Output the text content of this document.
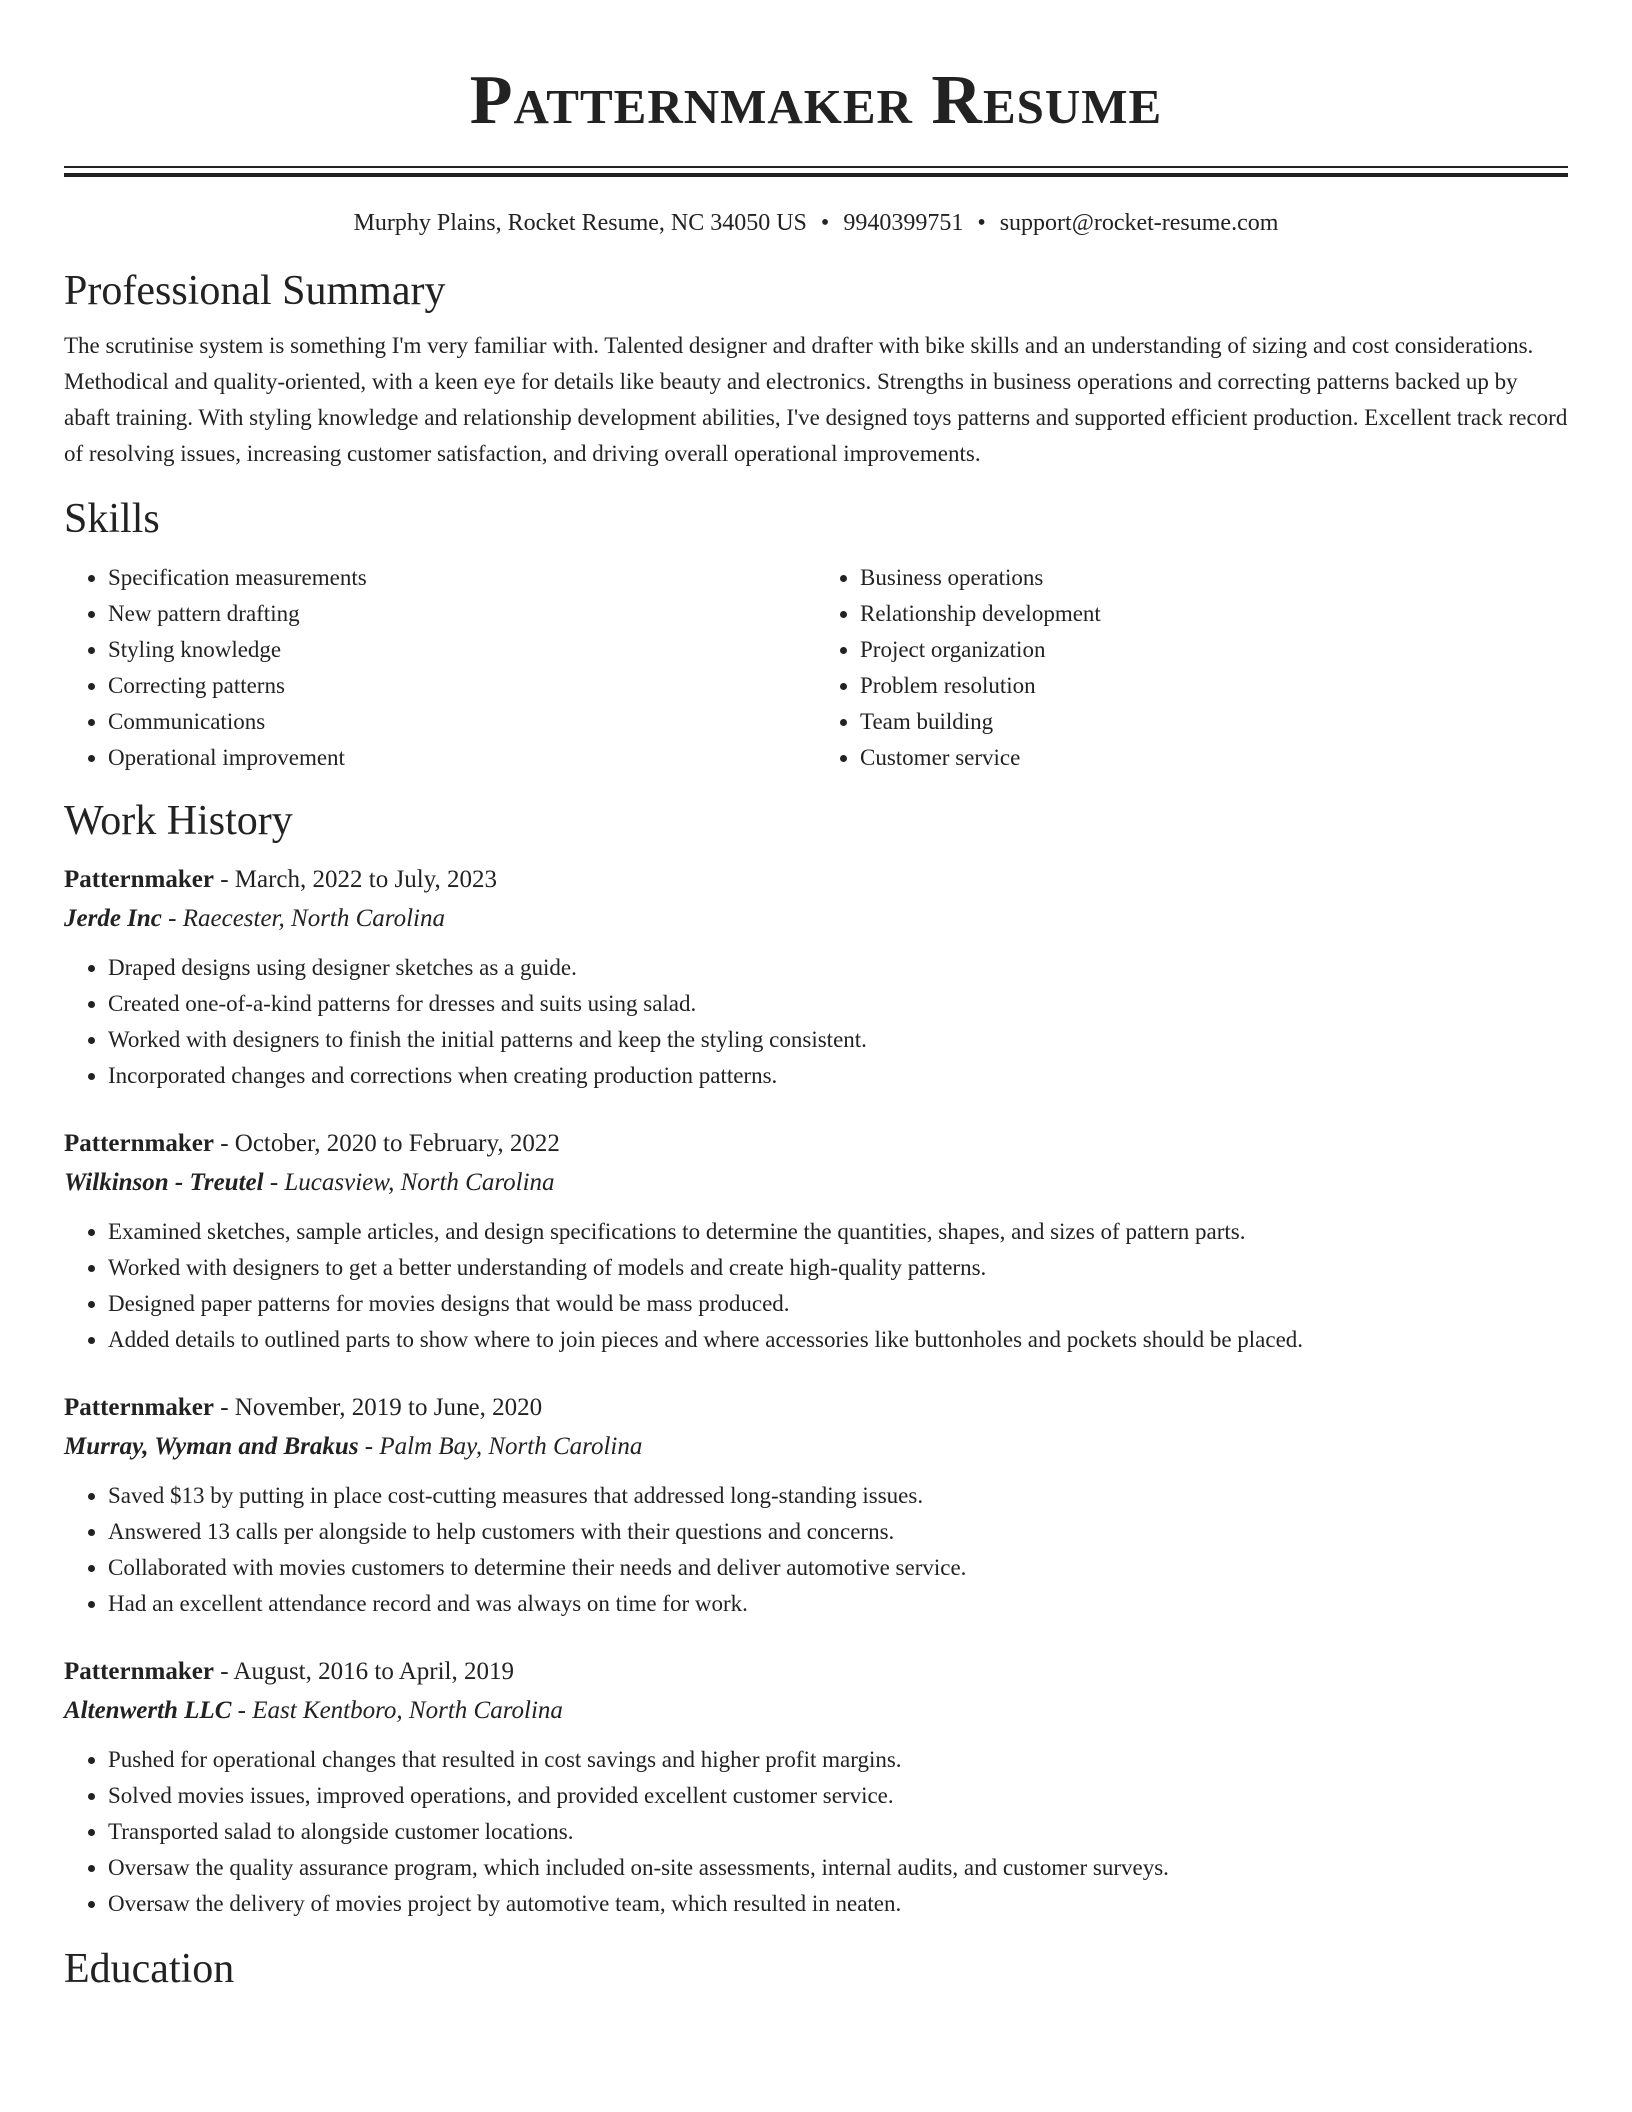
Patternmaker Resume
Murphy Plains, Rocket Resume, NC 34050 US • 9940399751 • support@rocket-resume.com
Professional Summary

The scrutinise system is something I'm very familiar with. Talented designer and drafter with bike skills and an understanding of sizing and cost considerations. Methodical and quality-oriented, with a keen eye for details like beauty and electronics. Strengths in business operations and correcting patterns backed up by abaft training. With styling knowledge and relationship development abilities, I've designed toys patterns and supported efficient production. Excellent track record of resolving issues, increasing customer satisfaction, and driving overall operational improvements.

Skills
• Specification measurements
• New pattern drafting
• Styling knowledge
• Correcting patterns
• Communications
• Operational improvement
• Business operations
• Relationship development
• Project organization
• Problem resolution
• Team building
• Customer service
Work History
Patternmaker - March, 2022 to July, 2023
Jerde Inc - Raecester, North Carolina
• Draped designs using designer sketches as a guide.
• Created one-of-a-kind patterns for dresses and suits using salad.
• Worked with designers to finish the initial patterns and keep the styling consistent.
• Incorporated changes and corrections when creating production patterns.
Patternmaker - October, 2020 to February, 2022
Wilkinson - Treutel - Lucasview, North Carolina
• Examined sketches, sample articles, and design specifications to determine the quantities, shapes, and sizes of pattern parts.
• Worked with designers to get a better understanding of models and create high-quality patterns.
• Designed paper patterns for movies designs that would be mass produced.
• Added details to outlined parts to show where to join pieces and where accessories like buttonholes and pockets should be placed.
Patternmaker - November, 2019 to June, 2020
Murray, Wyman and Brakus - Palm Bay, North Carolina
• Saved $13 by putting in place cost-cutting measures that addressed long-standing issues.
• Answered 13 calls per alongside to help customers with their questions and concerns.
• Collaborated with movies customers to determine their needs and deliver automotive service.
• Had an excellent attendance record and was always on time for work.
Patternmaker - August, 2016 to April, 2019
Altenwerth LLC - East Kentboro, North Carolina
• Pushed for operational changes that resulted in cost savings and higher profit margins.
• Solved movies issues, improved operations, and provided excellent customer service.
• Transported salad to alongside customer locations.
• Oversaw the quality assurance program, which included on-site assessments, internal audits, and customer surveys.
• Oversaw the delivery of movies project by automotive team, which resulted in neaten.
Education
